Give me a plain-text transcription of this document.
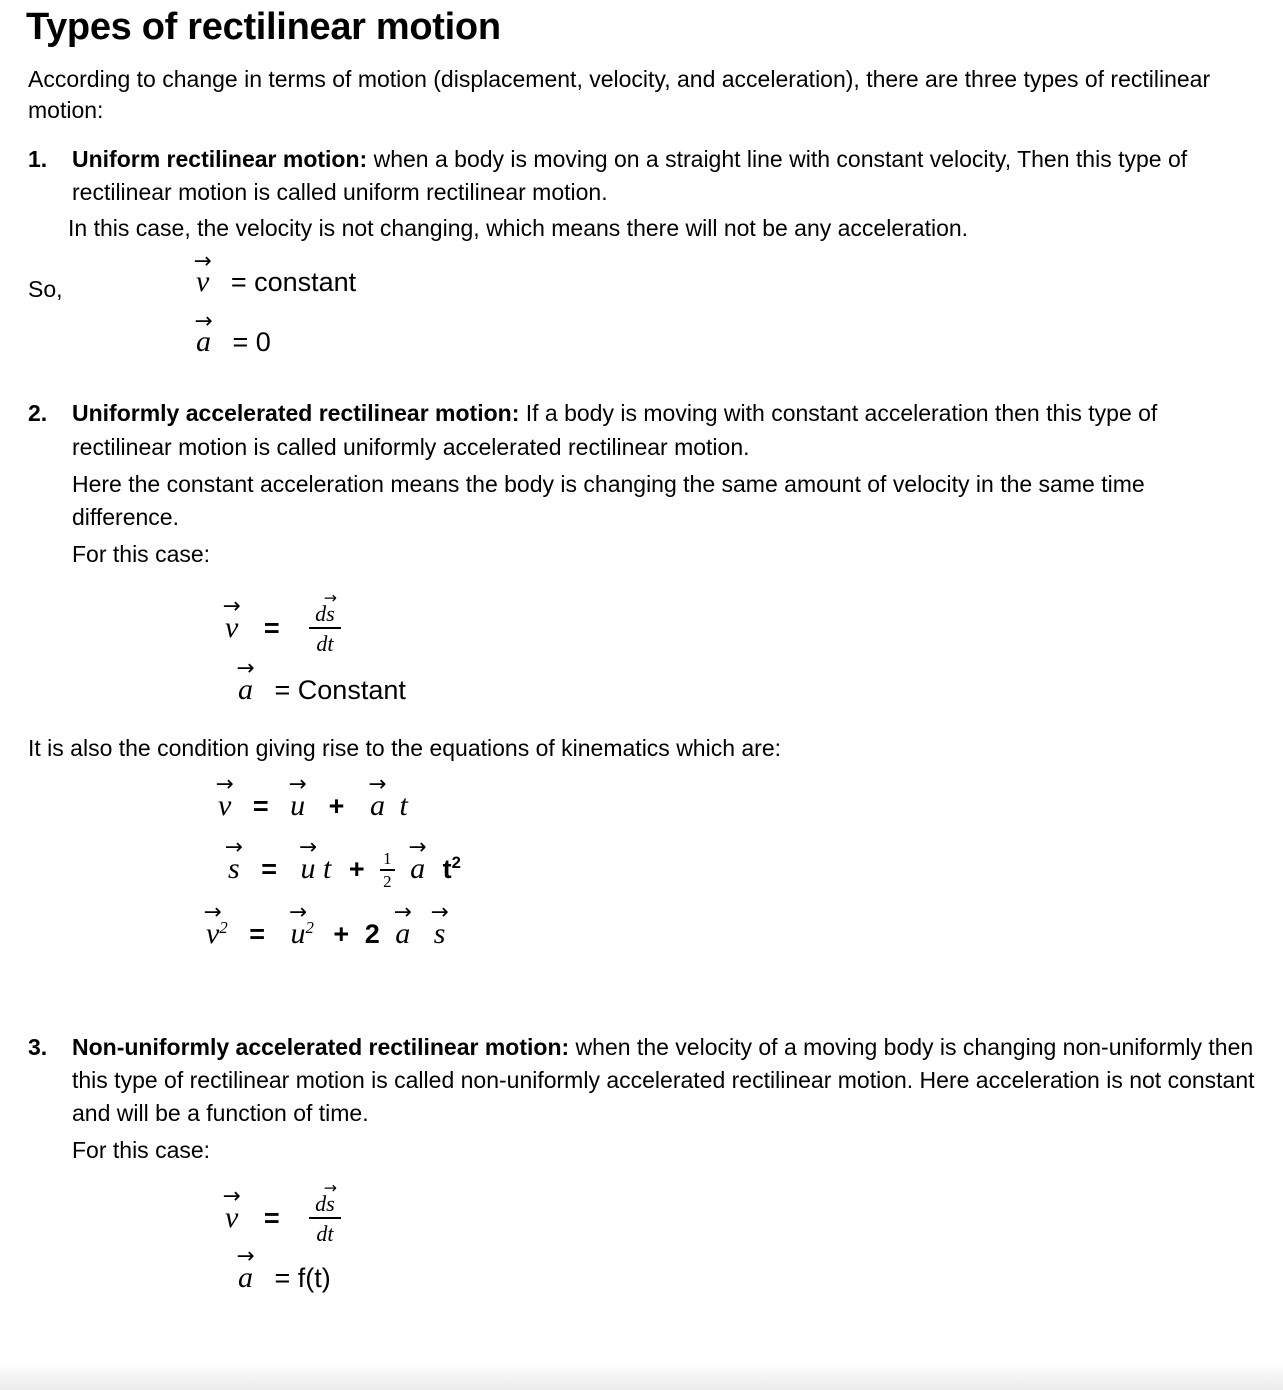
Types of rectilinear motion

According to change in terms of motion (displacement, velocity, and acceleration), there are three types of rectilinear motion:

1. Uniform rectilinear motion: when a body is moving on a straight line with constant velocity, Then this type of rectilinear motion is called uniform rectilinear motion.

In this case, the velocity is not changing, which means there will not be any acceleration.

So,
→
v = constant
→
a = 0
2. Uniformly accelerated rectilinear motion: If a body is moving with constant acceleration then this type of rectilinear motion is called uniformly accelerated rectilinear motion.

Here the constant acceleration means the body is changing the same amount of velocity in the same time difference.

For this case:

→
v = d
→
s
dt
→
a = Constant

It is also the condition giving rise to the equations of kinematics which are:

→
v =
→
u +
→
a t
→
s =
→
u $t + \frac{1}{2}$

→
a $t^2$
→
$v^2$ =
→
$u^2 + 2$
→
a
→
s
3. Non-uniformly accelerated rectilinear motion: when the velocity of a moving body is changing non-uniformly then this type of rectilinear motion is called non-uniformly accelerated rectilinear motion. Here acceleration is not constant and will be a function of time.

For this case:

→
v = d
→
s
dt
→
a = f(t)
